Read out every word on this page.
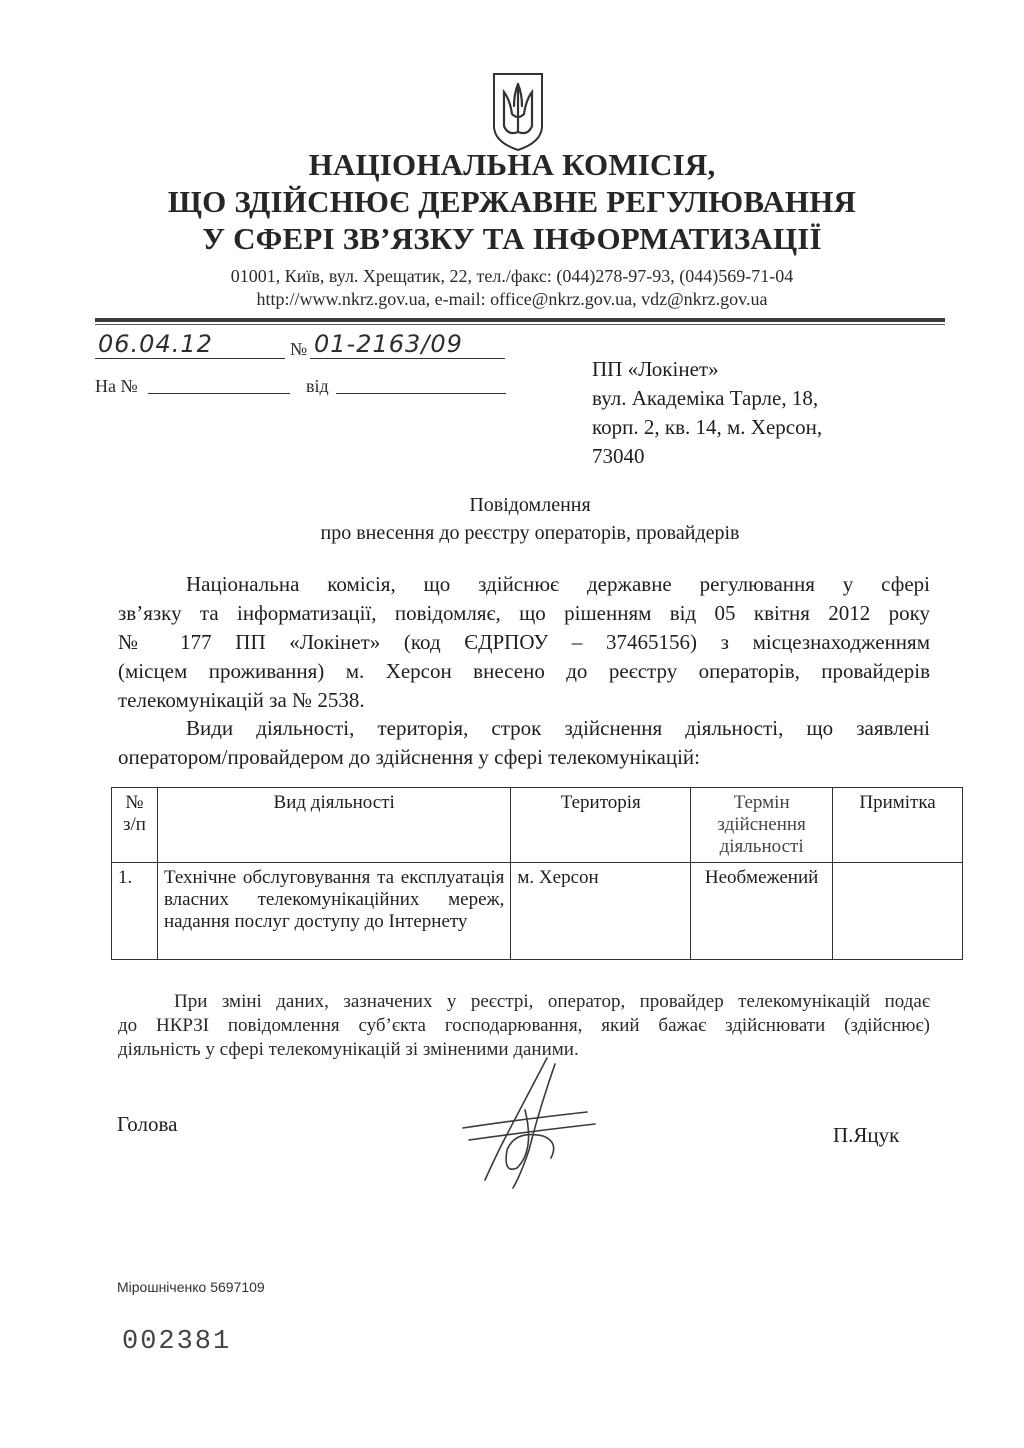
НАЦІОНАЛЬНА КОМІСІЯ,
ЩО ЗДІЙСНЮЄ ДЕРЖАВНЕ РЕГУЛЮВАННЯ
У СФЕРІ ЗВ’ЯЗКУ ТА ІНФОРМАТИЗАЦІЇ
01001, Київ, вул. Хрещатик, 22, тел./факс: (044)278-97-93, (044)569-71-04
http://www.nkrz.gov.ua, e-mail: office@nkrz.gov.ua, vdz@nkrz.gov.ua
06.04.12	№ 01-2163/09
На №	від
ПП «Локінет»
вул. Академіка Тарле, 18,
корп. 2, кв. 14, м. Херсон,
73040
Повідомлення
про внесення до реєстру операторів, провайдерів
Національна комісія, що здійснює державне регулювання у сфері
зв’язку та інформатизації, повідомляє, що рішенням від 05 квітня 2012 року
№ 177 ПП «Локінет» (код ЄДРПОУ – 37465156) з місцезнаходженням
(місцем проживання) м. Херсон внесено до реєстру операторів, провайдерів
телекомунікацій за № 2538.
Види діяльності, територія, строк здійснення діяльності, що заявлені
оператором/провайдером до здійснення у сфері телекомунікацій:
№ з/п	Вид діяльності	Територія	Термін здійснення діяльності	Примітка
1.	Технічне обслуговування та експлуатація власних телекомунікаційних мереж, надання послуг доступу до Інтернету	м. Херсон	Необмежений	
При зміні даних, зазначених у реєстрі, оператор, провайдер телекомунікацій подає
до НКРЗІ повідомлення суб’єкта господарювання, який бажає здійснювати (здійснює)
діяльність у сфері телекомунікацій зі зміненими даними.
Голова	П.Яцук
Мірошніченко 5697109
002381
